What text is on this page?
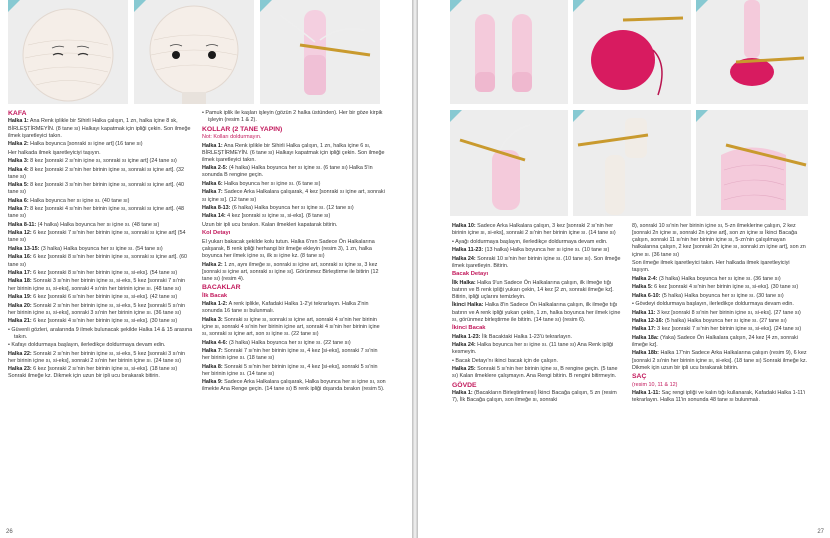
KAFA

Halka 1: Ana Renk iplikle bir Sihirli Halka çalışın, 1 zn, halka içine 8 sk, BİRLEŞTİRMEYİN. (8 tane sı) Halkayı kapatmak için ipliği çekin. Son ilmeğe ilmek işaretleyici takın.

Halka 2: Halka boyunca [sonraki sı içine art] (16 tane sı)

Her halkada ilmek işaretleyiciyi taşıyın.

Halka 3: 8 kez [sonraki 2 sı'nin içine sı, sonraki sı içine art] (24 tane sı)

Halka 4: 8 kez [sonraki 2 sı'nin her birinin içine sı, sonraki sı içine art]. (32 tane sı)

Halka 5: 8 kez [sonraki 3 sı'nin her birinin içine sı, sonraki sı içine art]. (40 tane sı)

Halka 6: Halka boyunca her sı içine sı. (40 tane sı)

Halka 7: 8 kez [sonraki 4 sı'nin her birinin içine sı, sonraki sı içine art]. (48 tane sı)

Halka 8-11: (4 halka) Halka boyunca her sı içine sı. (48 tane sı)

Halka 12: 6 kez [sonraki 7 sı'nin her birinin içine sı, sonraki sı içine art] (54 tane sı)

Halka 13-15: (3 halka) Halka boyunca her sı içine sı. (54 tane sı)

Halka 16: 6 kez [sonraki 8 sı'nin her birinin içine sı, sonraki sı içine art]. (60 tane sı)

Halka 17: 6 kez [sonraki 8 sı'nin her birinin içine sı, si-eks]. (54 tane sı)

Halka 18: Sonraki 3 sı'nin her birinin içine sı, si-eks, 5 kez [sonraki 7 sı'nin her birinin içine sı, si-eks], sonraki 4 sı'nin her birinin içine sı. (48 tane sı)

Halka 19: 6 kez [sonraki 6 sı'nin her birinin içine sı, si-eks]. (42 tane sı)

Halka 20: Sonraki 2 sı'nin her birinin içine sı, si-eks, 5 kez [sonraki 5 sı'nin her birinin içine sı, si-eks], sonraki 3 sı'nin her birinin içine sı. (36 tane sı)

Halka 21: 6 kez [sonraki 4 sı'nin her birinin içine sı, si-eks]. (30 tane sı)

• Güvenli gözleri, aralarında 9 ilmek bulunacak şekilde Halka 14 & 15 arasına takın.

• Kafayı doldurmaya başlayın, ilerledikçe doldurmaya devam edin.

Halka 22: Sonraki 2 sı'nin her birinin içine sı, si-eks, 5 kez [sonraki 3 sı'nin her birinin içine sı, si-eks], sonraki 2 sı'nin her birinin içine sı. (24 tane sı)

Halka 23: 6 kez [sonraki 2 sı'nin her birinin içine sı, si-eks]. (18 tane sı) Sonraki ilmeğe kz. Dikmek için uzun bir ipli ucu bırakarak bitirin.

• Pamuk iplik ile kaşları işleyin (gözün 2 halka üstünden). Her bir göze kirpik işleyin (resim 1 & 2).

KOLLAR (2 TANE YAPIN)

Not: Kolları doldurmayın.

Halka 1: Ana Renk iplikle bir Sihirli Halka çalışın, 1 zn, halka içine 6 sı, BİRLEŞTİRMEYİN. (6 tane sı) Halkayı kapatmak için ipliği çekin. Son ilmeğe ilmek işaretleyici takın.

Halka 2-5: (4 halka) Halka boyunca her sı içine sı. (6 tane sı) Halka 5'in sonunda B rengine geçin.

Halka 6: Halka boyunca her sı içine sı. (6 tane sı)

Halka 7: Sadece Arka Halkalara çalışarak, 4 kez [sonraki sı içine art, sonraki sı içine sı]. (12 tane sı)

Halka 8-13: (6 halka) Halka boyunca her sı içine sı. (12 tane sı)

Halka 14: 4 kez [sonraki sı içine sı, si-eks]. (8 tane sı)

Uzun bir ipli ucu bırakın. Kalan ilmekleri kapatarak bitirin.

Kol Detayı

El yukarı bakacak şekilde kolu tutun. Halka 6'nın Sadece Ön Halkalarına çalışarak, B renk ipliği herhangi bir ilmeğe ekleyin (resim 3), 1 zn, halka boyunca her ilmek içine sı, ilk sı içine kz. (8 tane sı)

Halka 2: 1 zn, aynı ilmeğe sı, sonraki sı içine art, sonraki sı içine sı, 3 kez [sonraki sı içine art, sonraki sı içine sı]. Görünmez Birleştirme ile bitirin (12 tane sı) (resim 4).

BACAKLAR

İlk Bacak

Halka 1-2: A renk iplikle, Kafadaki Halka 1-2'yi tekrarlayın. Halka 2'nin sonunda 16 tane sı bulunmalı.

Halka 3: Sonraki sı içine sı, sonraki sı içine art, sonraki 4 sı'nin her birinin içine sı, sonraki 4 sı'nin her birinin içine art, sonraki 4 sı'nin her birinin içine sı, sonraki sı içine art, son sı içine sı. (22 tane sı)

Halka 4-6: (3 halka) Halka boyunca her sı içine sı. (22 tane sı)

Halka 7: Sonraki 7 sı'nin her birinin içine sı, 4 kez [si-eks], sonraki 7 sı'nin her birinin içine sı. (18 tane sı)

Halka 8: Sonraki 5 sı'nin her birinin içine sı, 4 kez [si-eks], sonraki 5 sı'nin her birinin içine sı. (14 tane sı)

Halka 9: Sadece Arka Halkalara çalışarak, Halka boyunca her sı içine sı, son ilmekte Ana Renge geçin. (14 tane sı) B renk ipliği dışarıda bırakın (resim 5).

26

Halka 10: Sadece Arka Halkalara çalışın, 3 kez [sonraki 2 sı'nin her birinin içine sı, si-eks], sonraki 2 sı'nin her birinin içine sı. (14 tane sı)

• Ayağı doldurmaya başlayın, ilerledikçe doldurmaya devam edin.

Halka 11-23: (13 halka) Halka boyunca her sı içine sı. (10 tane sı)

Halka 24: Sonraki 10 sı'nin her birinin içine sı. (10 tane sı). Son ilmeğe ilmek işaretleyin. Bitirin.

Bacak Detayı

İlk Halka: Halka 9'un Sadece Ön Halkalarına çalışın, ilk ilmeğe tığı batırın ve B renk ipliği yukarı çekin, 14 kez [2 zn, sonraki ilmeğe kz]. Bitirin, ipliği uçlarını temizleyin.

İkinci Halka: Halka 8'in Sadece Ön Halkalarına çalışın, ilk ilmeğe tığı batırın ve A renk ipliği yukarı çekin, 1 zn, halka boyunca her ilmek içine sı, görünmez birleştirme ile bitirin. (14 tane sı) (resim 6).

İkinci Bacak

Halka 1-23: İlk Bacaktaki Halka 1-23'ü tekrarlayın.

Halka 24: Halka boyunca her sı içine sı. (11 tane sı) Ana Renk ipliği kesmeyin.

• Bacak Detayı'nı ikinci bacak için de çalışın.

Halka 25: Sonraki 5 sı'nin her birinin içine sı, B rengine geçin. (5 tane sı) Kalan ilmeklere çalışmayın. Ana Rengi bitirin. B rengini bitirmeyin.

GÖVDE

Halka 1: (Bacakların Birleştirilmesi) İkinci Bacağa çalışın, 5 zn (resim 7), İlk Bacağa çalışın, son ilmeğe sı, sonraki

8), sonraki 10 sı'nin her birinin içine sı, 5-zn ilmeklerine çalışın, 2 kez [sonraki 2n içine sı, sonraki 2n içine art], son zn içine sı İkinci Bacağa çalışın, sonraki 11 sı'nin her birinin içine sı, 5-zn'nin çalışılmayan halkalarına çalışın, 2 kez [sonraki 2n içine sı, sonraki zn içine art], son zn içine sı. (36 tane sı)

Son ilmeğe ilmek işaretleyici takın. Her halkada ilmek işaretleyiciyi taşıyın.

Halka 2-4: (3 halka) Halka boyunca her sı içine sı. (36 tane sı)

Halka 5: 6 kez [sonraki 4 sı'nin her birinin içine sı, si-eks]. (30 tane sı)

Halka 6-10: (5 halka) Halka boyunca her sı içine sı. (30 tane sı)

• Gövdeyi doldurmaya başlayın, ilerledikçe doldurmaya devam edin.

Halka 11: 3 kez [sonraki 8 sı'nin her birinin içine sı, si-eks]. (27 tane sı)

Halka 12-16: (5 halka) Halka boyunca her sı içine sı. (27 tane sı)

Halka 17: 3 kez [sonraki 7 sı'nin her birinin içine sı, si-eks]. (24 tane sı)

Halka 18a: (Yaka) Sadece Ön Halkalara çalışın, 24 kez [4 zn, sonraki ilmeğe kz].

Halka 18b: Halka 17'nin Sadece Arka Halkalarına çalışın (resim 9), 6 kez [sonraki 2 sı'nin her birinin içine sı, si-eks]. (18 tane sı) Sonraki ilmeğe kz. Dikmek için uzun bir ipli ucu bırakarak bitirin.

SAÇ

(resim 10, 11 & 12)

Halka 1-11: Saç rengi ipliği ve kalın tığı kullanarak, Kafadaki Halka 1-11'i tekrarlayın. Halka 11'in sonunda 48 tane sı bulunmalı.

27
